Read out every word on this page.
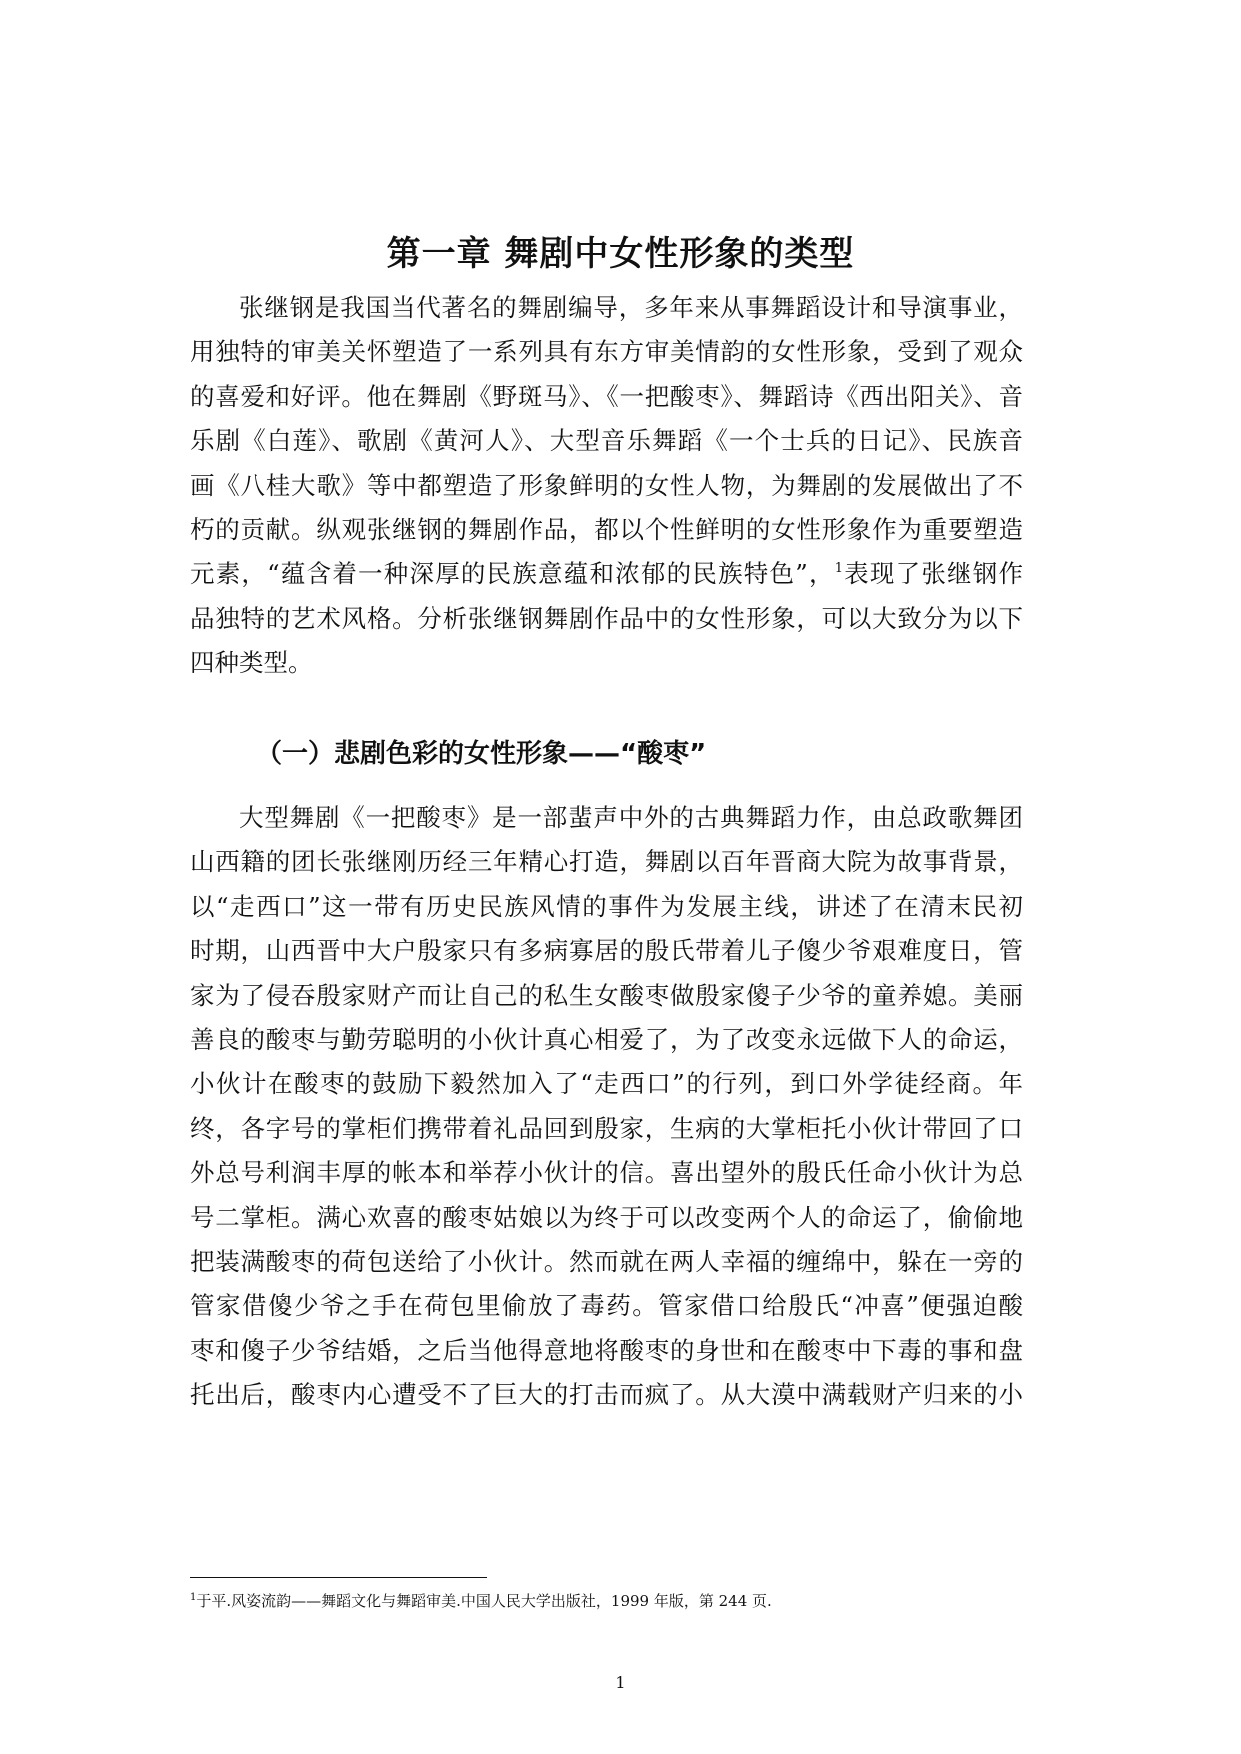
第一章 舞剧中女性形象的类型

张继钢是我国当代著名的舞剧编导，多年来从事舞蹈设计和导演事业，
用独特的审美关怀塑造了一系列具有东方审美情韵的女性形象，受到了观众
的喜爱和好评。他在舞剧《野斑马》、《一把酸枣》、舞蹈诗《西出阳关》、音
乐剧《白莲》、歌剧《黄河人》、大型音乐舞蹈《一个士兵的日记》、民族音
画《八桂大歌》等中都塑造了形象鲜明的女性人物，为舞剧的发展做出了不
朽的贡献。纵观张继钢的舞剧作品，都以个性鲜明的女性形象作为重要塑造
元素，“蕴含着一种深厚的民族意蕴和浓郁的民族特色”，$^1$表现了张继钢作
品独特的艺术风格。分析张继钢舞剧作品中的女性形象，可以大致分为以下
四种类型。

（一）悲剧色彩的女性形象——“酸枣”

大型舞剧《一把酸枣》是一部蜚声中外的古典舞蹈力作，由总政歌舞团
山西籍的团长张继刚历经三年精心打造，舞剧以百年晋商大院为故事背景，
以“走西口”这一带有历史民族风情的事件为发展主线，讲述了在清末民初
时期，山西晋中大户殷家只有多病寡居的殷氏带着儿子傻少爷艰难度日，管
家为了侵吞殷家财产而让自己的私生女酸枣做殷家傻子少爷的童养媳。美丽
善良的酸枣与勤劳聪明的小伙计真心相爱了，为了改变永远做下人的命运，
小伙计在酸枣的鼓励下毅然加入了“走西口”的行列，到口外学徒经商。年
终，各字号的掌柜们携带着礼品回到殷家，生病的大掌柜托小伙计带回了口
外总号利润丰厚的帐本和举荐小伙计的信。喜出望外的殷氏任命小伙计为总
号二掌柜。满心欢喜的酸枣姑娘以为终于可以改变两个人的命运了，偷偷地
把装满酸枣的荷包送给了小伙计。然而就在两人幸福的缠绵中，躲在一旁的
管家借傻少爷之手在荷包里偷放了毒药。管家借口给殷氏“冲喜”便强迫酸
枣和傻子少爷结婚，之后当他得意地将酸枣的身世和在酸枣中下毒的事和盘
托出后，酸枣内心遭受不了巨大的打击而疯了。从大漠中满载财产归来的小

$^1$于平.风姿流韵——舞蹈文化与舞蹈审美.中国人民大学出版社，1999 年版，第 244 页.

1
